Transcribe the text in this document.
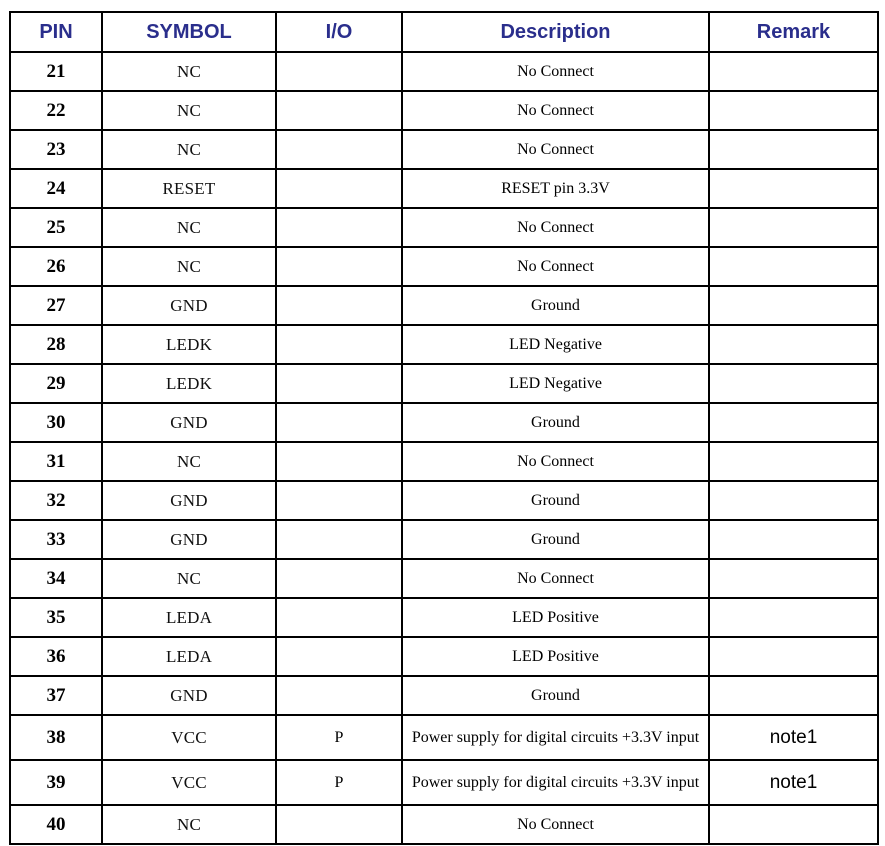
PIN	SYMBOL	I/O	Description	Remark
21	NC		No Connect	
22	NC		No Connect	
23	NC		No Connect	
24	RESET		RESET pin 3.3V	
25	NC		No Connect	
26	NC		No Connect	
27	GND		Ground	
28	LEDK		LED Negative	
29	LEDK		LED Negative	
30	GND		Ground	
31	NC		No Connect	
32	GND		Ground	
33	GND		Ground	
34	NC		No Connect	
35	LEDA		LED Positive	
36	LEDA		LED Positive	
37	GND		Ground	
38	VCC	P	Power supply for digital circuits +3.3V input	note1
39	VCC	P	Power supply for digital circuits +3.3V input	note1
40	NC		No Connect	
